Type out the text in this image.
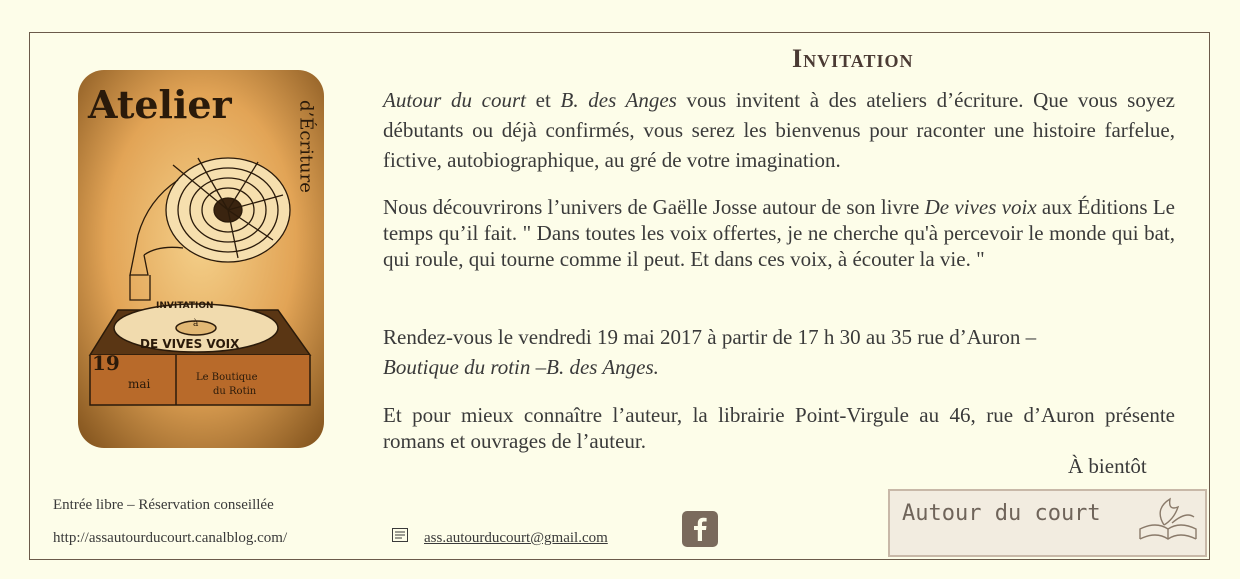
Atelier	d’Écriture
INVITATION
à
DE VIVES VOIX
19
mai	Le Boutique
du Rotin
Invitation
Autour du court et B. des Anges vous invitent à des ateliers d’écriture. Que vous soyez débutants ou déjà confirmés, vous serez les bienvenus pour raconter une histoire farfelue, fictive, autobiographique, au gré de votre imagination.
Nous découvrirons l’univers de Gaëlle Josse autour de son livre De vives voix aux Éditions Le temps qu’il fait. " Dans toutes les voix offertes, je ne cherche qu'à percevoir le monde qui bat, qui roule, qui tourne comme il peut. Et dans ces voix, à écouter la vie. "
Rendez-vous le vendredi 19 mai 2017 à partir de 17 h 30 au 35 rue d’Auron –
Boutique du rotin –B. des Anges.
Et pour mieux connaître l’auteur, la librairie Point-Virgule au 46, rue d’Auron présente romans et ouvrages de l’auteur.
À bientôt
Entrée libre – Réservation conseillée
http://assautourducourt.canalblog.com/	ass.autourducourt@gmail.com
Autour du court
